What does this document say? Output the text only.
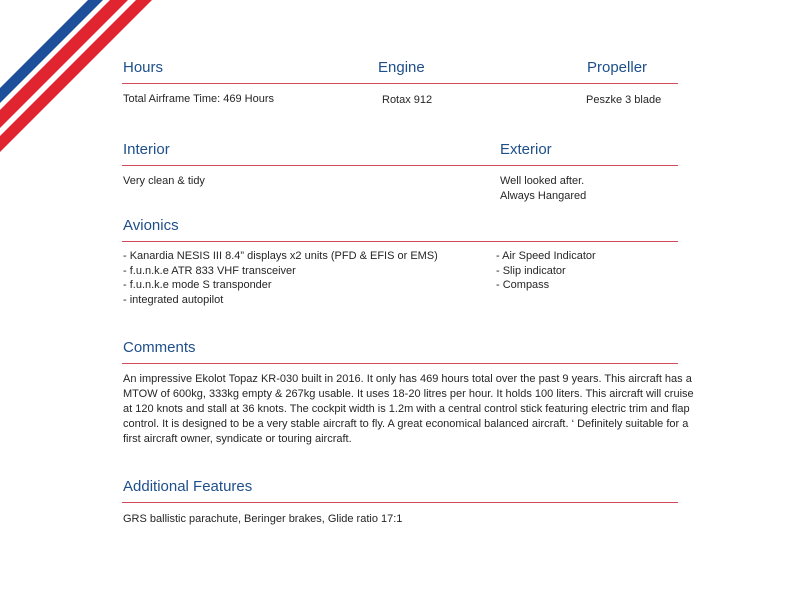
Hours	Engine	Propeller
Total Airframe Time: 469 Hours	Rotax 912	Peszke 3 blade
Interior	Exterior
Very clean & tidy	Well looked after.
Always Hangared
Avionics
- Kanardia NESIS III 8.4” displays x2 units (PFD & EFIS or EMS)
- f.u.n.k.e ATR 833 VHF transceiver
- f.u.n.k.e mode S transponder
- integrated autopilot
- Air Speed Indicator
- Slip indicator
- Compass
Comments
An impressive Ekolot Topaz KR-030 built in 2016. It only has 469 hours total over the past 9 years. This aircraft has a MTOW of 600kg, 333kg empty & 267kg usable. It uses 18-20 litres per hour. It holds 100 liters. This aircraft will cruise at 120 knots and stall at 36 knots. The cockpit width is 1.2m with a central control stick featuring electric trim and flap control. It is designed to be a very stable aircraft to fly. A great economical balanced aircraft. ‘ Definitely suitable for a first aircraft owner, syndicate or touring aircraft.
Additional Features
GRS ballistic parachute, Beringer brakes, Glide ratio 17:1
